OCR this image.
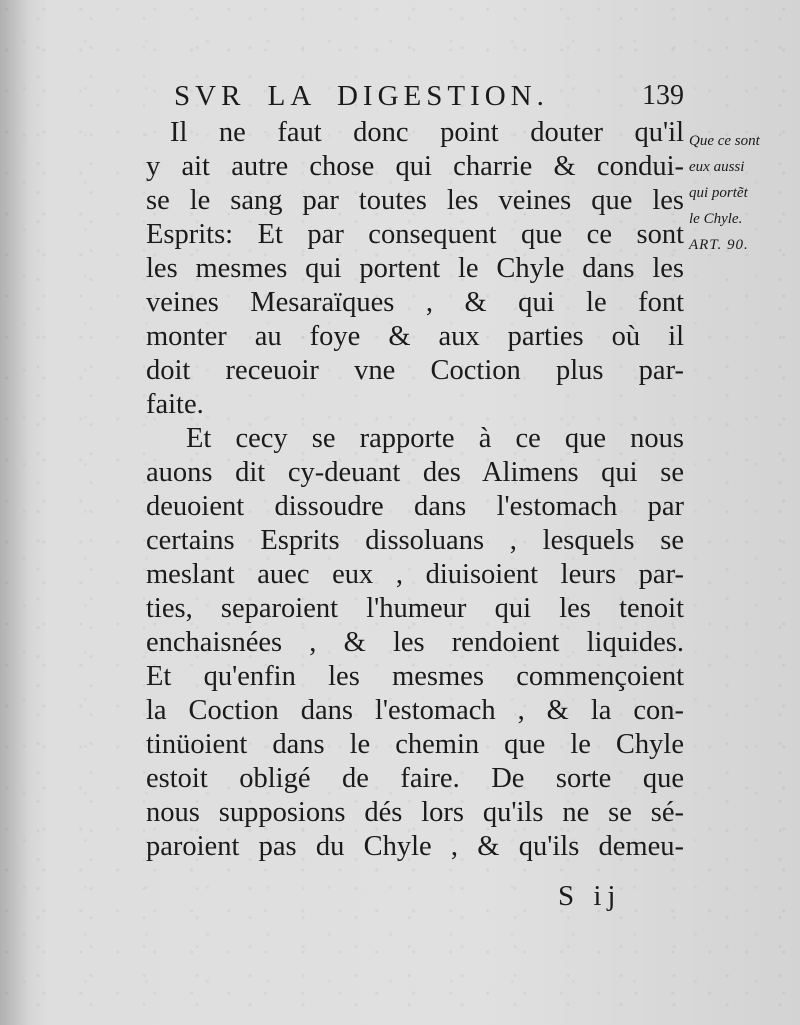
SVR LA DIGESTION.	139
Il ne faut donc point douter qu'il
y ait autre chose qui charrie & condui-
se le sang par toutes les veines que les
Esprits: Et par consequent que ce sont
les mesmes qui portent le Chyle dans les
veines Mesaraïques , & qui le font
monter au foye & aux parties où il
doit receuoir vne Coction plus par-
faite.
Et cecy se rapporte à ce que nous
auons dit cy-deuant des Alimens qui se
deuoient dissoudre dans l'estomach par
certains Esprits dissoluans , lesquels se
meslant auec eux , diuisoient leurs par-
ties, separoient l'humeur qui les tenoit
enchaisnées , & les rendoient liquides.
Et qu'enfin les mesmes commençoient
la Coction dans l'estomach , & la con-
tinüoient dans le chemin que le Chyle
estoit obligé de faire. De sorte que
nous supposions dés lors qu'ils ne se sé-
paroient pas du Chyle , & qu'ils demeu-
Que ce sont
eux aussi
qui portẽt
le Chyle.
ART. 90.
S ij
